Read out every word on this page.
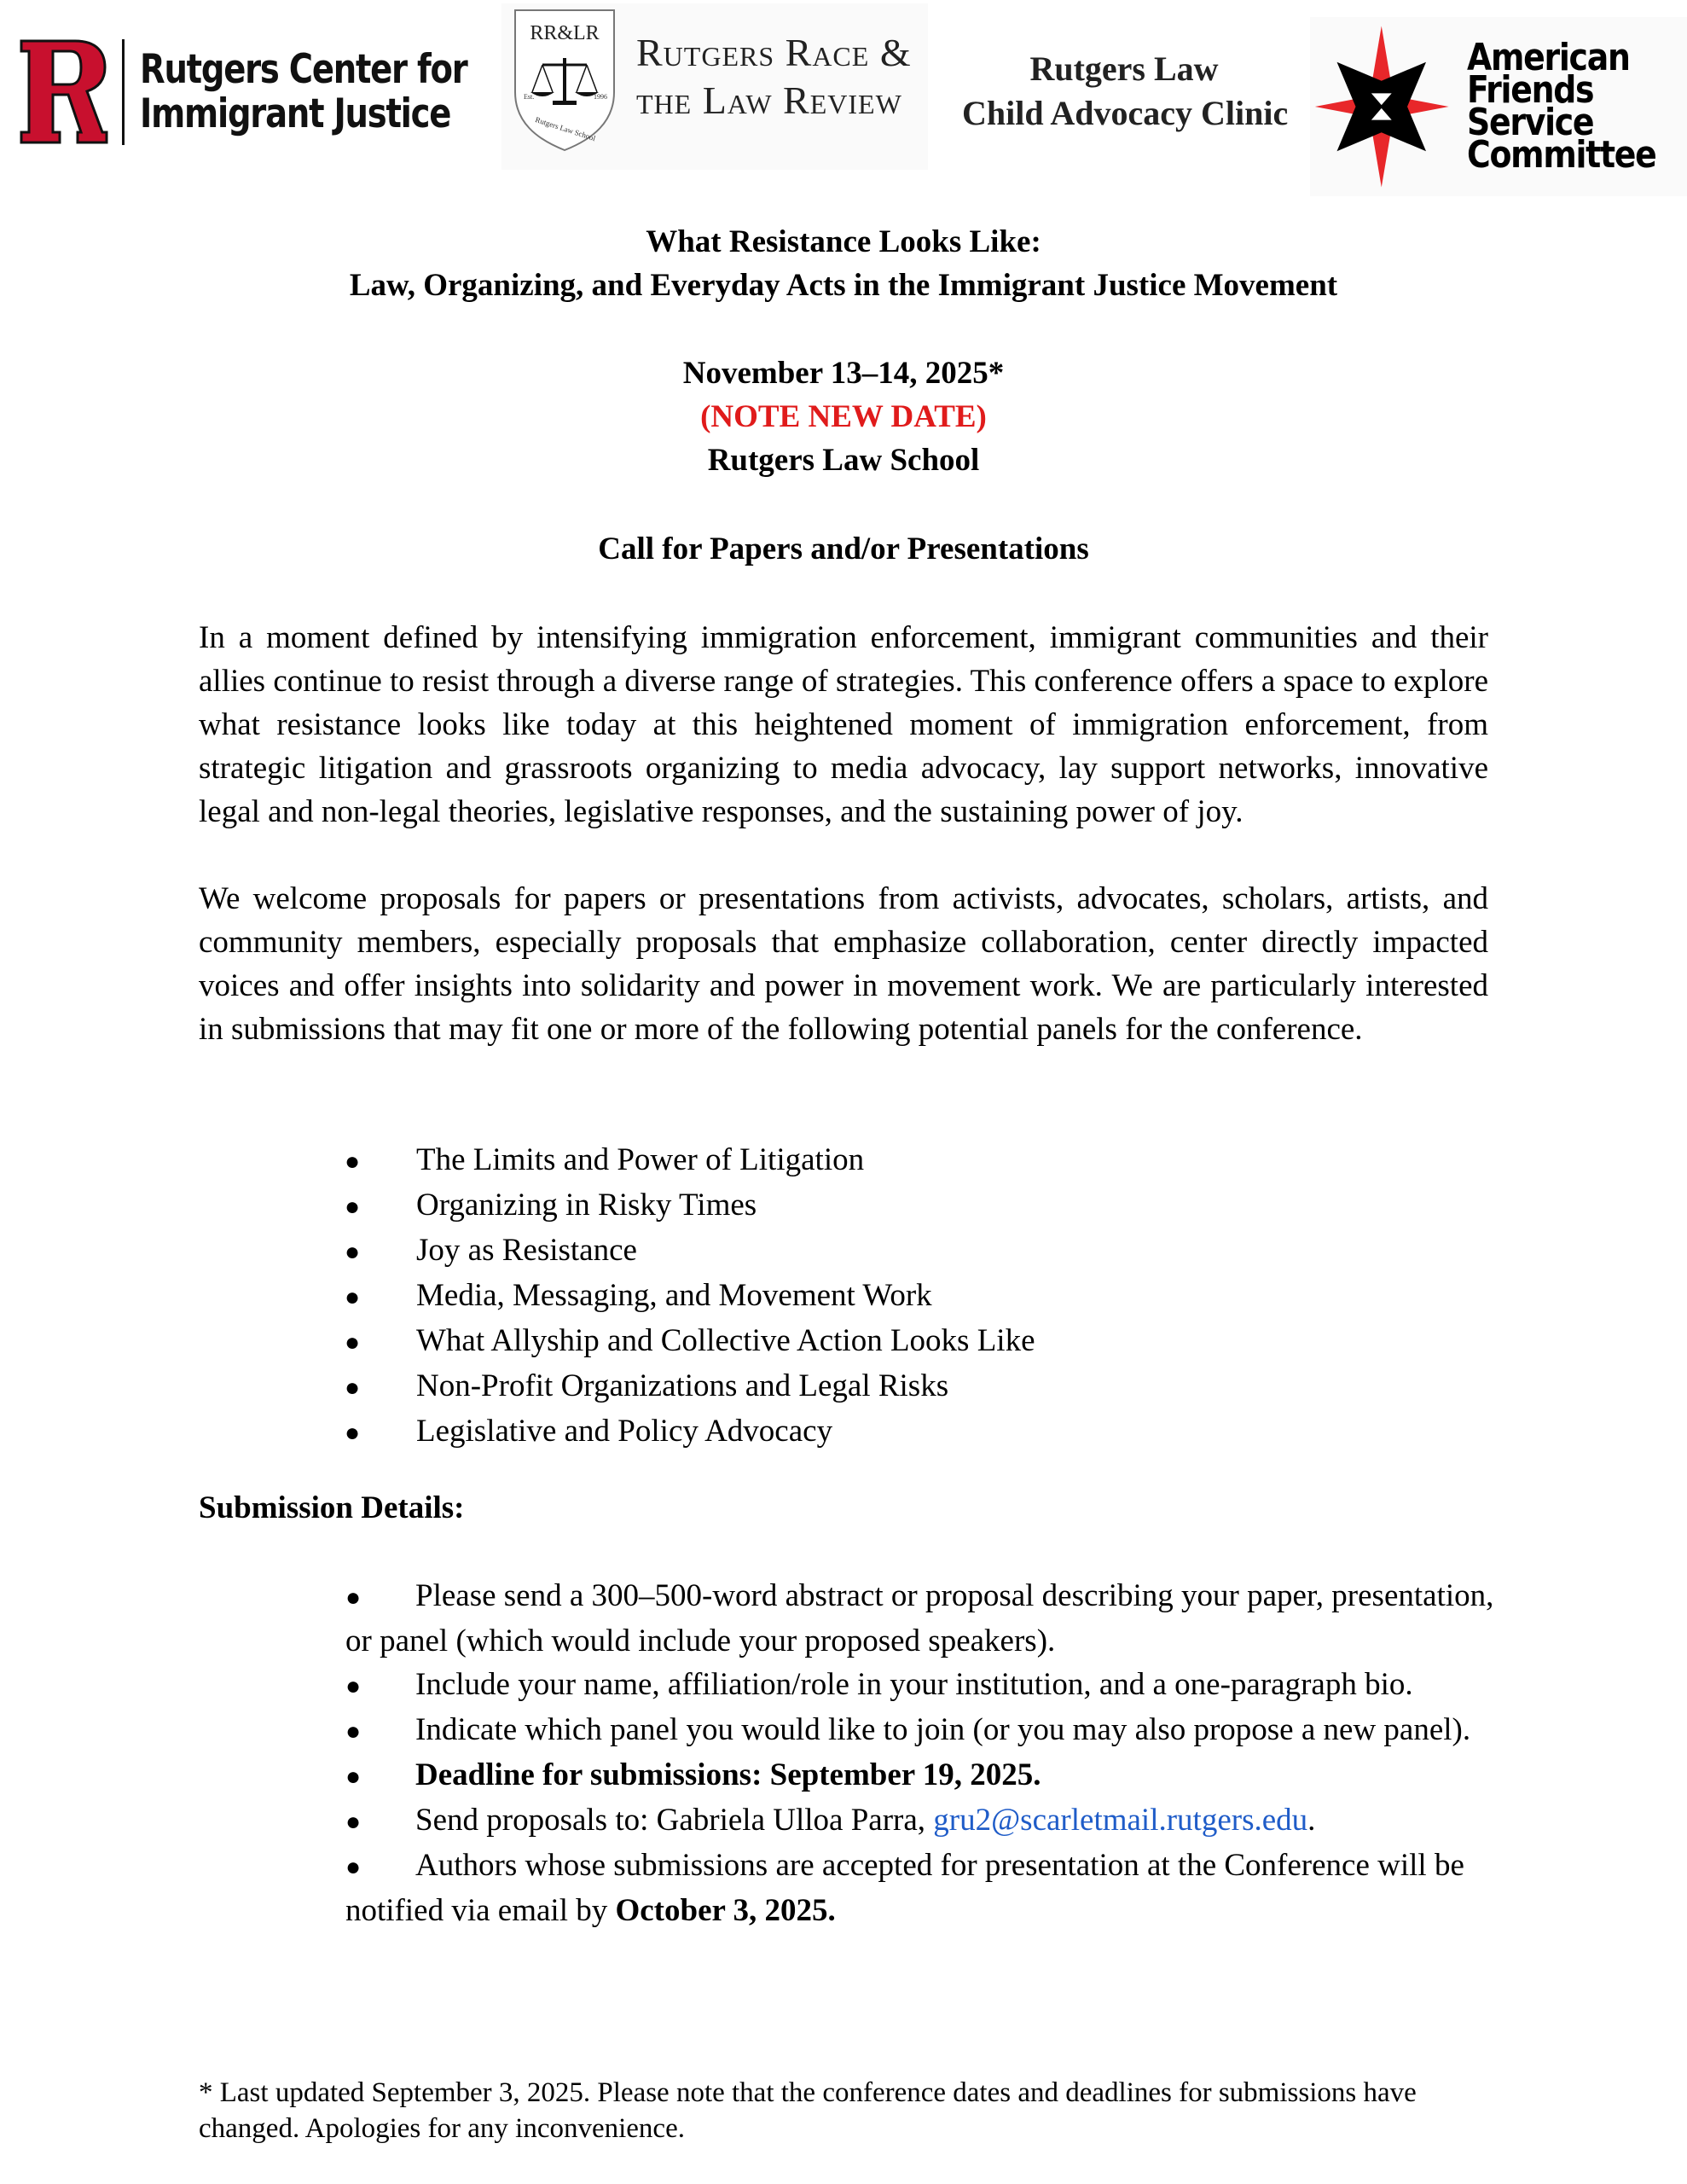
Rutgers Center for
Immigrant Justice
RR&LR
Est.	1996
Rutgers Law School
Rutgers Race &
the Law Review
Rutgers Law
Child Advocacy Clinic
American
Friends
Service
Committee
What Resistance Looks Like:
Law, Organizing, and Everyday Acts in the Immigrant Justice Movement
November 13–14, 2025*
(NOTE NEW DATE)
Rutgers Law School
Call for Papers and/or Presentations

In a moment defined by intensifying immigration enforcement, immigrant communities and their allies continue to resist through a diverse range of strategies. This conference offers a space to explore what resistance looks like today at this heightened moment of immigration enforcement, from strategic litigation and grassroots organizing to media advocacy, lay support networks, innovative legal and non-legal theories, legislative responses, and the sustaining power of joy.

We welcome proposals for papers or presentations from activists, advocates, scholars, artists, and community members, especially proposals that emphasize collaboration, center directly impacted voices and offer insights into solidarity and power in movement work. We are particularly interested in submissions that may fit one or more of the following potential panels for the conference.

●	The Limits and Power of Litigation
●	Organizing in Risky Times
●	Joy as Resistance
●	Media, Messaging, and Movement Work
●	What Allyship and Collective Action Looks Like
●	Non-Profit Organizations and Legal Risks
●	Legislative and Policy Advocacy
Submission Details:
● Please send a 300–500-word abstract or proposal describing your paper, presentation, or panel (which would include your proposed speakers).
● Include your name, affiliation/role in your institution, and a one-paragraph bio.
● Indicate which panel you would like to join (or you may also propose a new panel).
● Deadline for submissions: September 19, 2025.
● Send proposals to: Gabriela Ulloa Parra, gru2@scarletmail.rutgers.edu.
● Authors whose submissions are accepted for presentation at the Conference will be notified via email by October 3, 2025.

* Last updated September 3, 2025. Please note that the conference dates and deadlines for submissions have changed. Apologies for any inconvenience.
